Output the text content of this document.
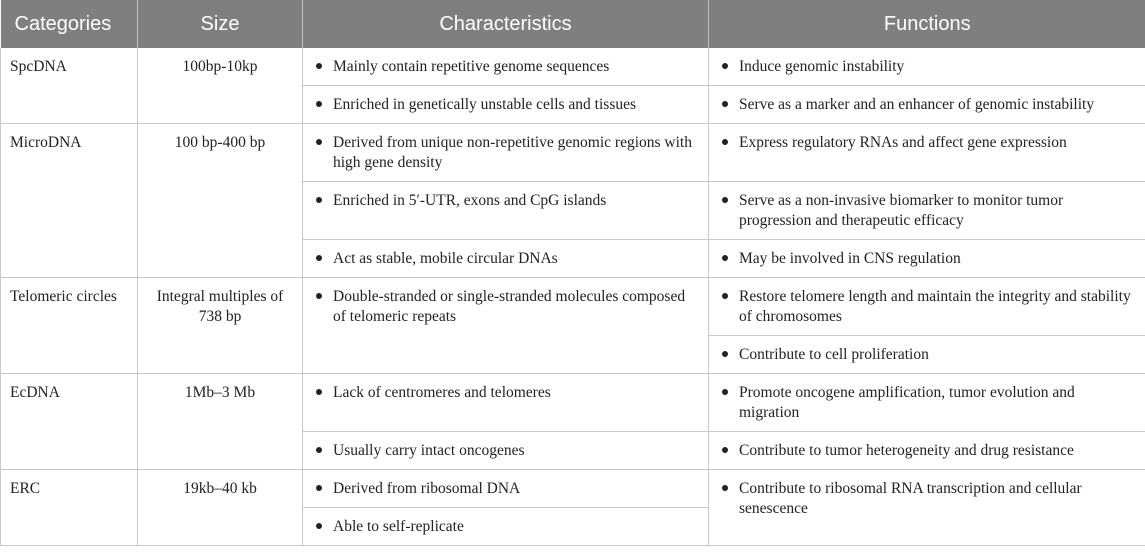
Categories	Size	Characteristics	Functions
SpcDNA	100bp-10kp	Mainly contain repetitive genome sequences	Induce genomic instability
		Enriched in genetically unstable cells and tissues	Serve as a marker and an enhancer of genomic instability
MicroDNA	100 bp-400 bp	Derived from unique non-repetitive genomic regions with high gene density	Express regulatory RNAs and affect gene expression
		Enriched in 5′-UTR, exons and CpG islands	Serve as a non-invasive biomarker to monitor tumor progression and therapeutic efficacy
		Act as stable, mobile circular DNAs	May be involved in CNS regulation
Telomeric circles	Integral multiples of 738 bp	Double-stranded or single-stranded molecules composed of telomeric repeats	Restore telomere length and maintain the integrity and stability of chromosomes
			Contribute to cell proliferation
EcDNA	1Mb–3 Mb	Lack of centromeres and telomeres	Promote oncogene amplification, tumor evolution and migration
		Usually carry intact oncogenes	Contribute to tumor heterogeneity and drug resistance
ERC	19kb–40 kb	Derived from ribosomal DNA	Contribute to ribosomal RNA transcription and cellular senescence
		Able to self-replicate	
